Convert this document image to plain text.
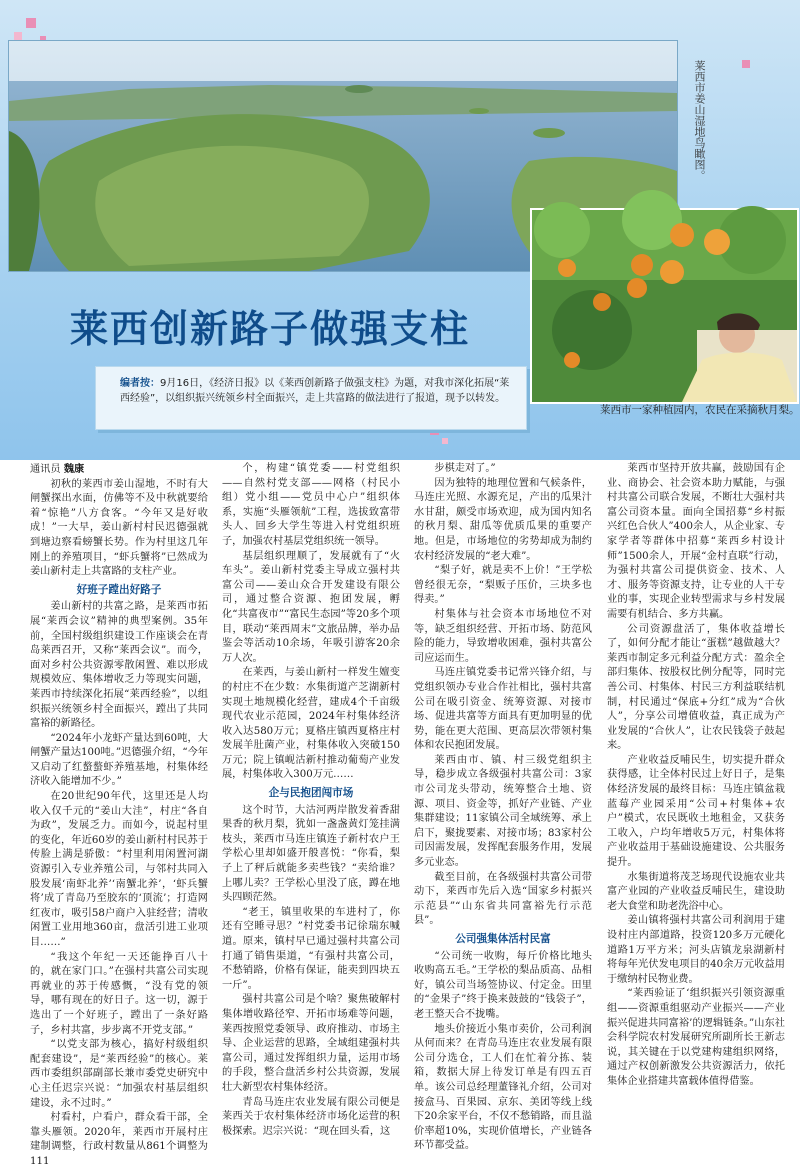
莱西市姜山湿地鸟瞰图。
莱西创新路子做强支柱

编者按：9月16日，《经济日报》以《莱西创新路子做强支柱》为题，对我市深化拓展“莱西经验”，以组织振兴统领乡村全面振兴，走上共富路的做法进行了报道，现予以转发。

莱西市一家种植园内，农民在采摘秋月梨。

通讯员 魏康

初秋的莱西市姜山湿地，不时有大闸蟹探出水面，仿佛等不及中秋就要给着“惊艳”八方食客。“今年又是好收成！”一大早，姜山新村村民迟德强就到塘边察看螃蟹长势。作为村里这几年刚上的养殖项目，“虾兵蟹将”已然成为姜山新村走上共富路的支柱产业。

好班子蹚出好路子

姜山新村的共富之路，是莱西市拓展“莱西会议”精神的典型案例。35年前，全国村级组织建设工作座谈会在青岛莱西召开，又称“莱西会议”。而今，面对乡村公共资源零散闲置、难以形成规模效应、集体增收乏力等现实问题，莱西市持续深化拓展“莱西经验”，以组织振兴统领乡村全面振兴，蹚出了共同富裕的新路径。

“2024年小龙虾产量达到60吨，大闸蟹产量达100吨。”迟德强介绍，“今年又启动了红螯螯虾养殖基地，村集体经济收入能增加不少。”

在20世纪90年代，这里还是人均收入仅千元的“姜山大洼”，村庄“各自为政”，发展乏力。而如今，说起村里的变化，年近60岁的姜山新村村民苏于传脸上满是骄傲：“村里利用闲置河湖资源引入专业养殖公司，与邻村共同入股发展‘南虾北养’‘南蟹北养’，‘虾兵蟹将’成了青岛乃至胶东的‘顶流’；打造网红夜市，吸引58户商户入驻经营；清收闲置工业用地360亩，盘活引进工业项目……”

“我这个年纪一天还能挣百八十的，就在家门口。”在强村共富公司实现再就业的苏于传感慨，“没有党的领导，哪有现在的好日子。这一切，源于选出了一个好班子，蹚出了一条好路子，乡村共富，步步离不开党支部。”

“以党支部为核心，搞好村级组织配套建设”，是“莱西经验”的核心。莱西市委组织部副部长兼市委党史研究中心主任迟宗兴说：“加强农村基层组织建设，永不过时。”

村看村，户看户，群众看干部，全靠头雁领。2020年，莱西市开展村庄建制调整，行政村数量从861个调整为111

个，构建“镇党委——村党组织——自然村党支部——网格（村民小组）党小组——党员中心户”组织体系，实施“头雁领航”工程，选拔致富带头人、回乡大学生等进入村党组织班子，加强农村基层党组织统一领导。

基层组织理顺了，发展就有了“火车头”。姜山新村党委主导成立强村共富公司——姜山众合开发建设有限公司，通过整合资源、抱团发展，孵化“共富夜市”“富民生态园”等20多个项目，联动“莱西周末”文旅品牌，举办品鉴会等活动10余场，年吸引游客20余万人次。

在莱西，与姜山新村一样发生嬗变的村庄不在少数：水集街道产芝湖新村实现土地规模化经营，建成4个千亩级现代农业示范园，2024年村集体经济收入达580万元；夏格庄镇西夏格庄村发展羊肚菌产业，村集体收入突破150万元；院上镇岘沽新村推动葡萄产业发展，村集体收入300万元……

企与民抱团闯市场

这个时节，大沽河两岸散发着香甜果香的秋月梨，犹如一盏盏黄灯笼挂满枝头，莱西市马连庄镇连子新村农户王学松心里却如盛开般喜悦：“你看，梨子上了秤后就能多卖些钱？“卖给谁？上哪儿卖？王学松心里没了底，蹲在地头四顾茫然。

“老王，镇里收果的车进村了，你还有空睡寻思？”村党委书记徐瑞东喊道。原来，镇村早已通过强村共富公司打通了销售渠道，“有强村共富公司，不愁销路，价格有保证，能卖到四块五一斤”。

强村共富公司是个啥？聚焦破解村集体增收路径窄、开拓市场难等问题，莱西按照党委领导、政府推动、市场主导、企业运营的思路，全域组建强村共富公司，通过发挥组织力量，运用市场的手段，整合盘活乡村公共资源，发展壮大新型农村集体经济。

青岛马连庄农业发展有限公司便是莱西关于农村集体经济市场化运营的积极探索。迟宗兴说：“现在回头看，这

步棋走对了。”

因为独特的地理位置和气候条件，马连庄光照、水源充足，产出的瓜果汁水甘甜，颇受市场欢迎，成为国内知名的秋月梨、甜瓜等优质瓜果的重要产地。但是，市场地位的劣势却成为制约农村经济发展的“老大难”。

“梨子好，就是卖不上价！”王学松曾经很无奈，“梨贩子压价，三块多也得卖。”

村集体与社会资本市场地位不对等，缺乏组织经营、开拓市场、防范风险的能力，导致增收困难，强村共富公司应运而生。

马连庄镇党委书记常兴锋介绍，与党组织领办专业合作社相比，强村共富公司在吸引资金、统筹资源、对接市场、促进共富等方面具有更加明显的优势，能在更大范围、更高层次带领村集体和农民抱团发展。

莱西由市、镇、村三级党组织主导，稳步成立各级强村共富公司：3家市公司龙头带动，统筹整合土地、资源、项目、资金等，抓好产业链、产业集群建设；11家镇公司全域统筹、承上启下，聚拢要素、对接市场；83家村公司因需发展，发挥配套服务作用，发展多元业态。

截至目前，在各级强村共富公司带动下，莱西市先后入选“国家乡村振兴示范县”“山东省共同富裕先行示范县”。

公司强集体活村民富

“公司统一收购，每斤价格比地头收购高五毛。”王学松的梨品质高、品相好，镇公司当场签协议、付定金。田里的“金果子”终于换来鼓鼓的“钱袋子”，老王整天合不拢嘴。

地头价接近小集市卖价，公司利润从何而来？在青岛马连庄农业发展有限公司分选仓，工人们在忙着分拣、装箱，数据大屏上待发订单是有四五百单。该公司总经理董锋礼介绍，公司对接盒马、百果园、京东、美团等线上线下20余家平台，不仅不愁销路，而且溢价率超10%，实现价值增长，产业链各环节都受益。

莱西市坚持开放共赢，鼓励国有企业、商协会、社会资本助力赋能，与强村共富公司联合发展，不断壮大强村共富公司资本量。面向全国招募“乡村振兴红色合伙人”400余人，从企业家、专家学者等群体中招募“莱西乡村设计师”1500余人，开展“金村直联”行动，为强村共富公司提供资金、技术、人才、服务等资源支持，让专业的人干专业的事，实现企业转型需求与乡村发展需要有机结合、多方共赢。

公司资源盘活了，集体收益增长了，如何分配才能让“蛋糕”越做越大？莱西市制定多元利益分配方式：盈余全部归集体、按股权比例分配等，同时完善公司、村集体、村民三方利益联结机制，村民通过“保底+分红”成为“合伙人”，分享公司增值收益，真正成为产业发展的“合伙人”，让农民钱袋子鼓起来。

产业收益反哺民生，切实提升群众获得感，让全体村民过上好日子，是集体经济发展的最终目标：马连庄镇盆栽蓝莓产业园采用“公司+村集体+农户”模式，农民既收土地租金，又获务工收入，户均年增收5万元，村集体将产业收益用于基础设施建设、公共服务提升。

水集街道将茂芝场现代设施农业共富产业园的产业收益反哺民生，建设助老大食堂和助老洗浴中心。

姜山镇将强村共富公司利润用于建设村庄内部道路，投资120多万元硬化道路1万平方米；河头店镇龙泉湖新村将每年光伏发电项目的40余万元收益用于缴纳村民物业费。

“莱西验证了‘组织振兴引领资源重组——资源重组驱动产业振兴——产业振兴促进共同富裕’的逻辑链条。”山东社会科学院农村发展研究所副所长王新志说，其关键在于以党建构建组织网络，通过产权创新激发公共资源活力，依托集体企业搭建共富载体值得借鉴。
